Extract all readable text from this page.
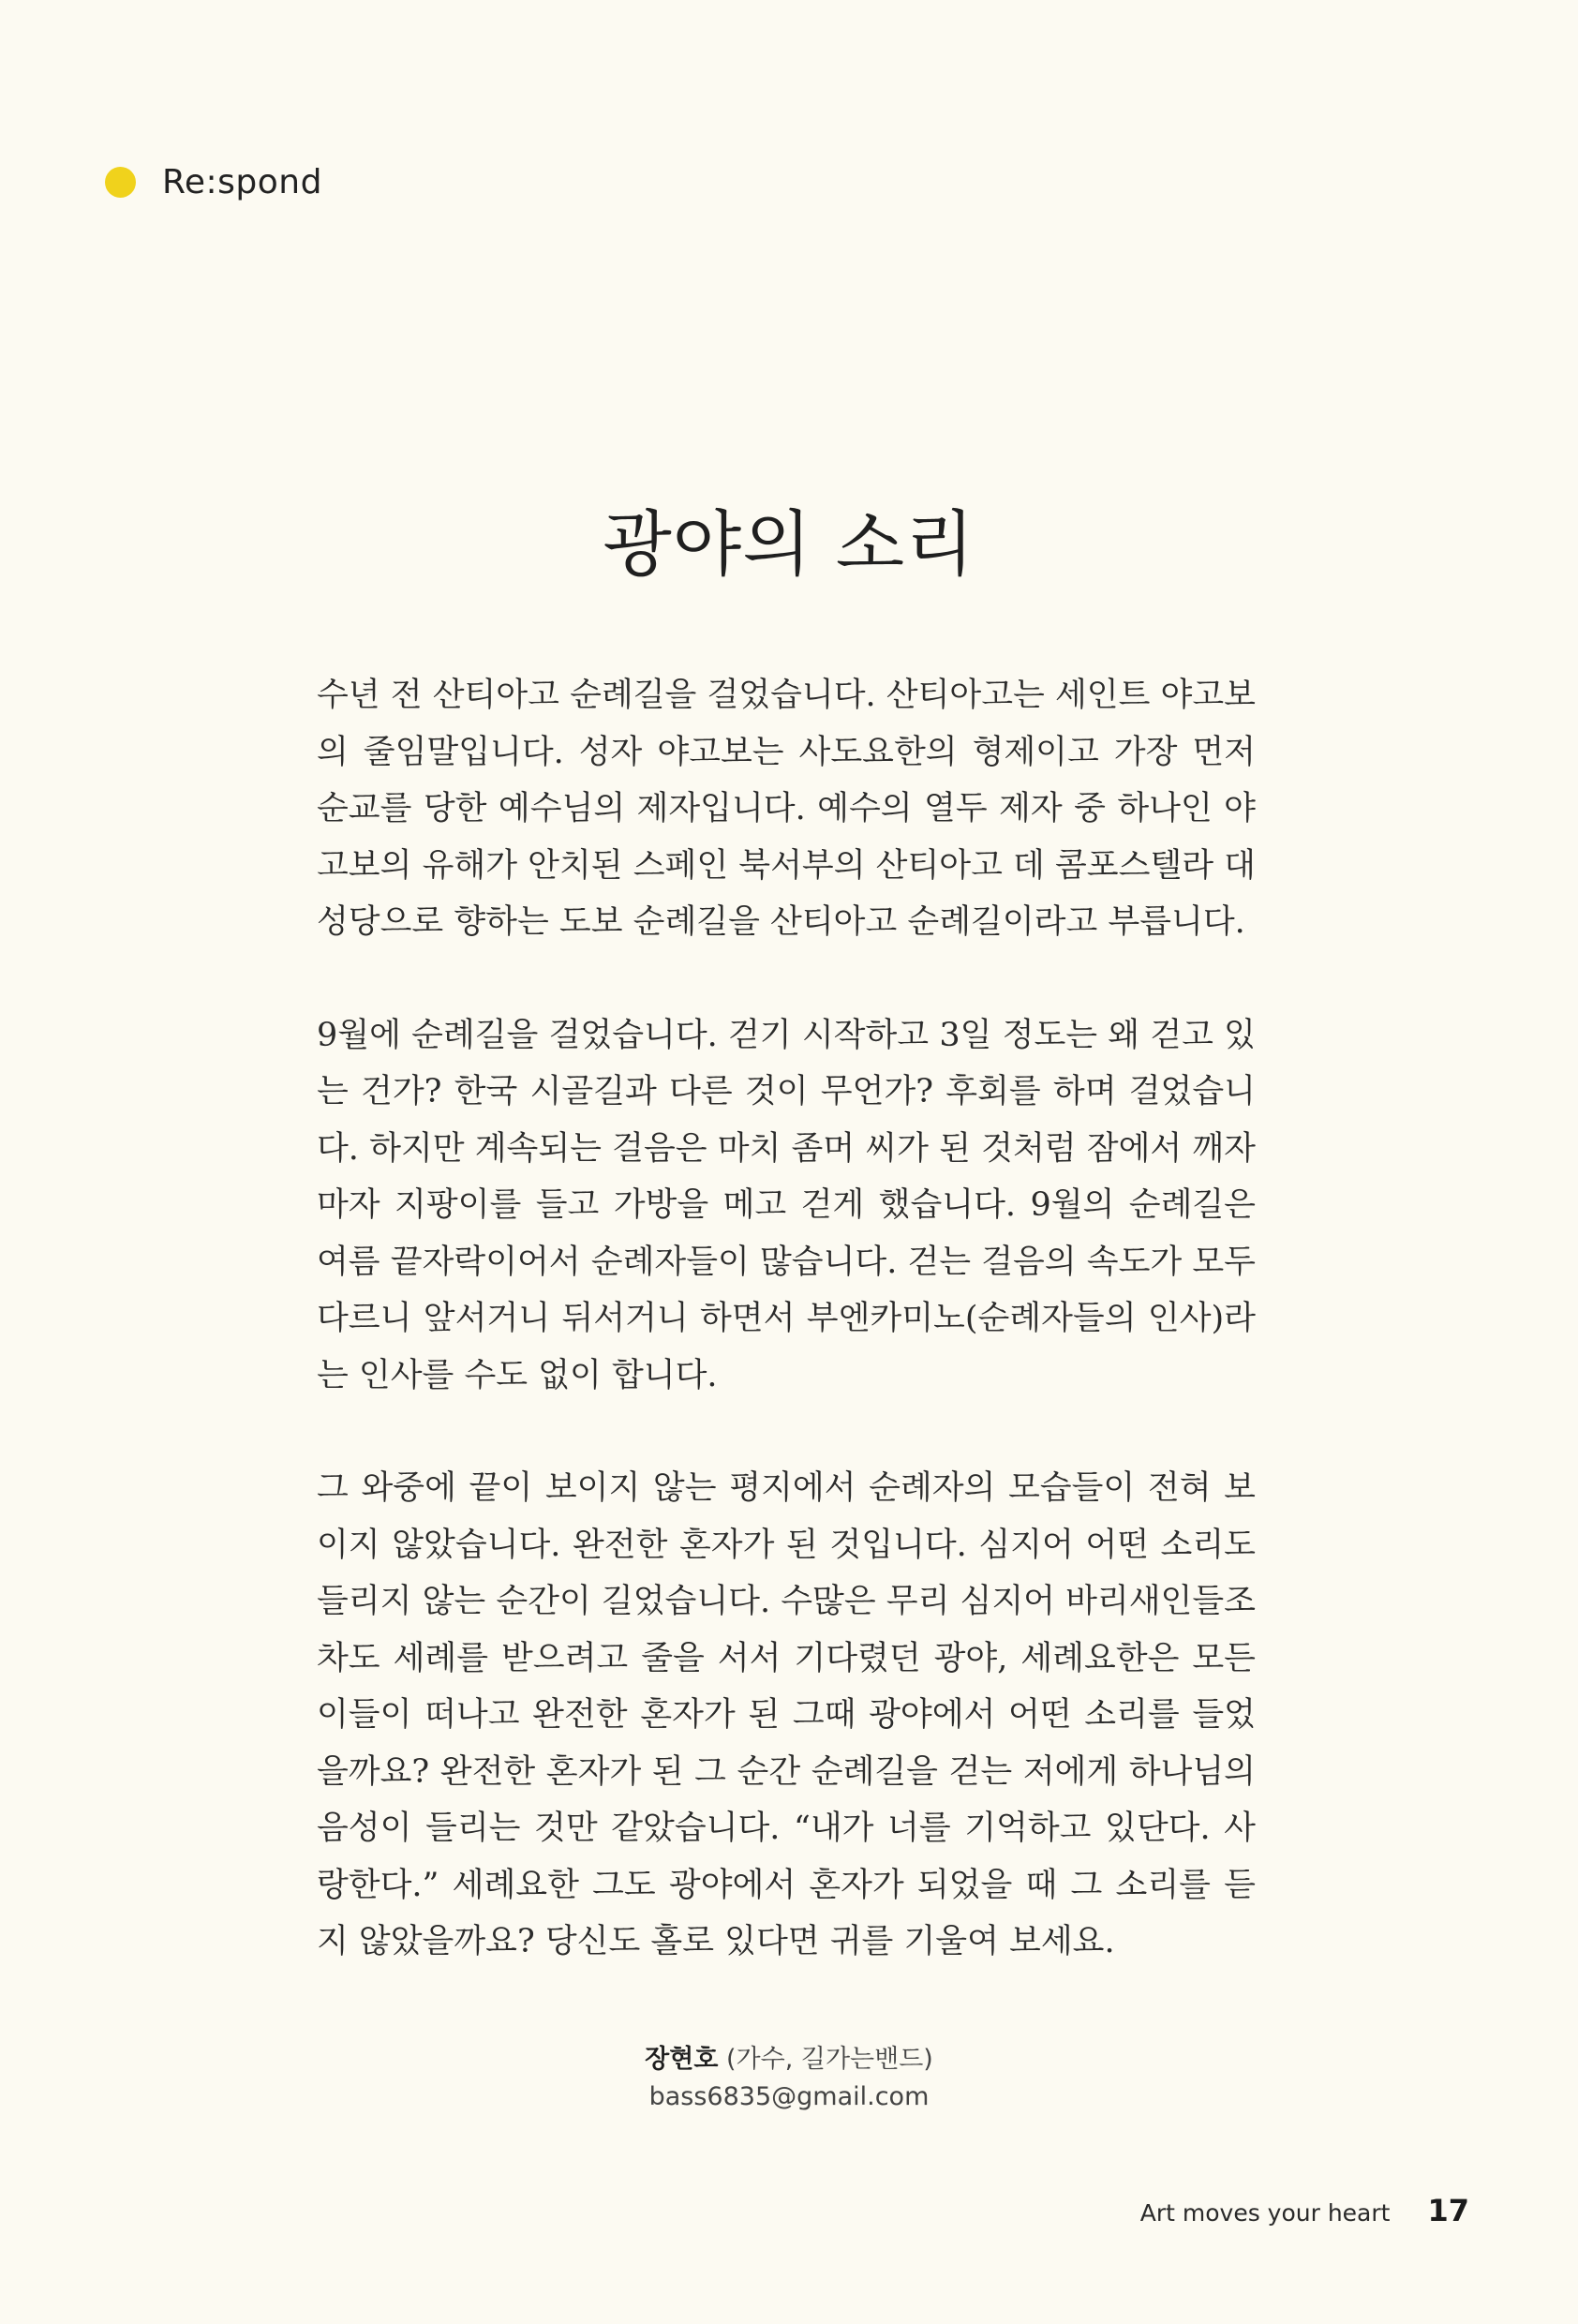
Re:spond
광야의 소리

수년 전 산티아고 순례길을 걸었습니다. 산티아고는 세인트 야고보의 줄임말입니다. 성자 야고보는 사도요한의 형제이고 가장 먼저 순교를 당한 예수님의 제자입니다. 예수의 열두 제자 중 하나인 야고보의 유해가 안치된 스페인 북서부의 산티아고 데 콤포스텔라 대성당으로 향하는 도보 순례길을 산티아고 순례길이라고 부릅니다.

9월에 순례길을 걸었습니다. 걷기 시작하고 3일 정도는 왜 걷고 있는 건가? 한국 시골길과 다른 것이 무언가? 후회를 하며 걸었습니다. 하지만 계속되는 걸음은 마치 좀머 씨가 된 것처럼 잠에서 깨자마자 지팡이를 들고 가방을 메고 걷게 했습니다. 9월의 순례길은 여름 끝자락이어서 순례자들이 많습니다. 걷는 걸음의 속도가 모두 다르니 앞서거니 뒤서거니 하면서 부엔카미노(순례자들의 인사)라는 인사를 수도 없이 합니다.

그 와중에 끝이 보이지 않는 평지에서 순례자의 모습들이 전혀 보이지 않았습니다. 완전한 혼자가 된 것입니다. 심지어 어떤 소리도 들리지 않는 순간이 길었습니다. 수많은 무리 심지어 바리새인들조차도 세례를 받으려고 줄을 서서 기다렸던 광야, 세례요한은 모든 이들이 떠나고 완전한 혼자가 된 그때 광야에서 어떤 소리를 들었을까요? 완전한 혼자가 된 그 순간 순례길을 걷는 저에게 하나님의 음성이 들리는 것만 같았습니다. “내가 너를 기억하고 있단다. 사랑한다.” 세례요한 그도 광야에서 혼자가 되었을 때 그 소리를 듣지 않았을까요? 당신도 홀로 있다면 귀를 기울여 보세요.

장현호 (가수, 길가는밴드)
bass6835@gmail.com
Art moves your heart 17
